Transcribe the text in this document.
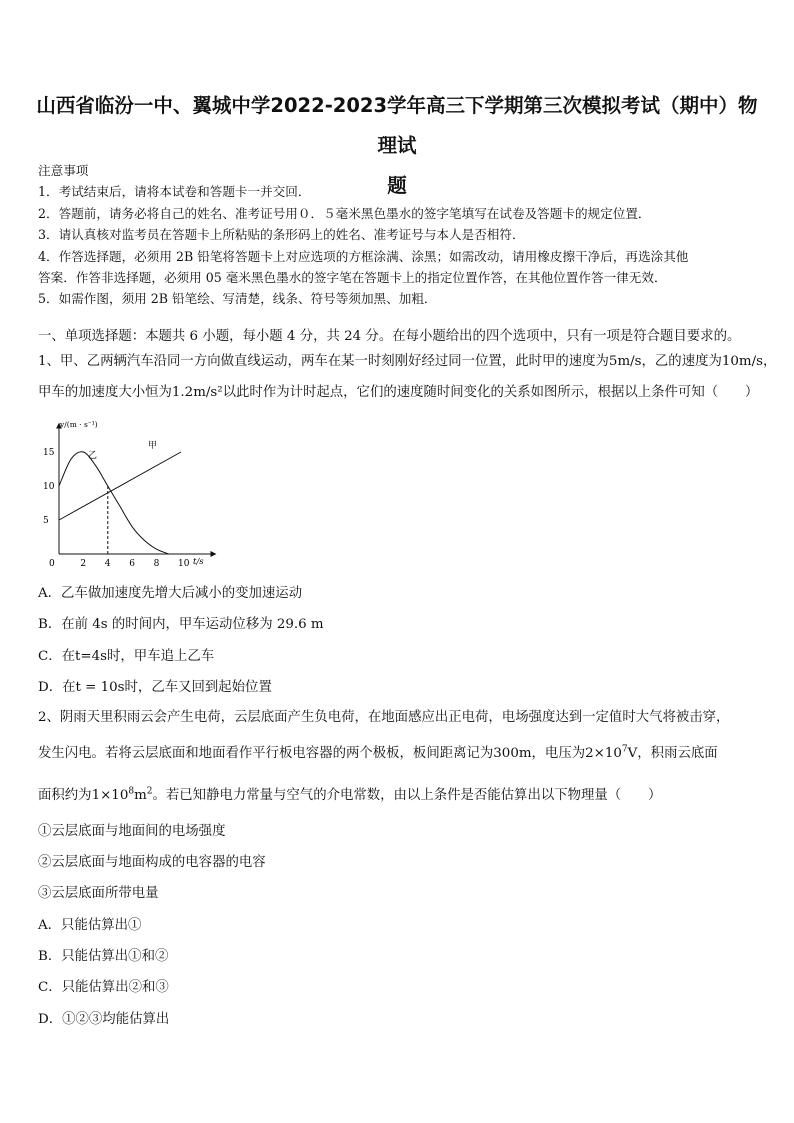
山西省临汾一中、翼城中学2022-2023学年高三下学期第三次模拟考试（期中）物理试
题
注意事项
1．考试结束后，请将本试卷和答题卡一并交回．
2．答题前，请务必将自己的姓名、准考证号用０．５毫米黑色墨水的签字笔填写在试卷及答题卡的规定位置．
3．请认真核对监考员在答题卡上所粘贴的条形码上的姓名、准考证号与本人是否相符．
4．作答选择题，必须用 2B 铅笔将答题卡上对应选项的方框涂满、涂黑；如需改动，请用橡皮擦干净后，再选涂其他
答案．作答非选择题，必须用 05 毫米黑色墨水的签字笔在答题卡上的指定位置作答，在其他位置作答一律无效．
5．如需作图，须用 2B 铅笔绘、写清楚，线条、符号等须加黑、加粗．
一、单项选择题：本题共 6 小题，每小题 4 分，共 24 分。在每小题给出的四个选项中，只有一项是符合题目要求的。
1、甲、乙两辆汽车沿同一方向做直线运动，两车在某一时刻刚好经过同一位置，此时甲的速度为5m/s，乙的速度为10m/s，
甲车的加速度大小恒为1.2m/s²以此时作为计时起点，它们的速度随时间变化的关系如图所示，根据以上条件可知（　　）
0	2 4 6 8 10
5
10
15
v/(m · s⁻¹)
t/s
甲
乙
A．乙车做加速度先增大后减小的变加速运动
B．在前 4s 的时间内，甲车运动位移为 29.6 m
C．在t=4s时，甲车追上乙车
D．在t = 10s时，乙车又回到起始位置
2、阴雨天里积雨云会产生电荷，云层底面产生负电荷，在地面感应出正电荷，电场强度达到一定值时大气将被击穿，
发生闪电。若将云层底面和地面看作平行板电容器的两个极板，板间距离记为300m，电压为$2\times 10^7V$，积雨云底面
面积约为$1\times 10^8m^2$。若已知静电力常量与空气的介电常数，由以上条件是否能估算出以下物理量（　　）
①云层底面与地面间的电场强度
②云层底面与地面构成的电容器的电容
③云层底面所带电量
A．只能估算出①
B．只能估算出①和②
C．只能估算出②和③
D．①②③均能估算出
